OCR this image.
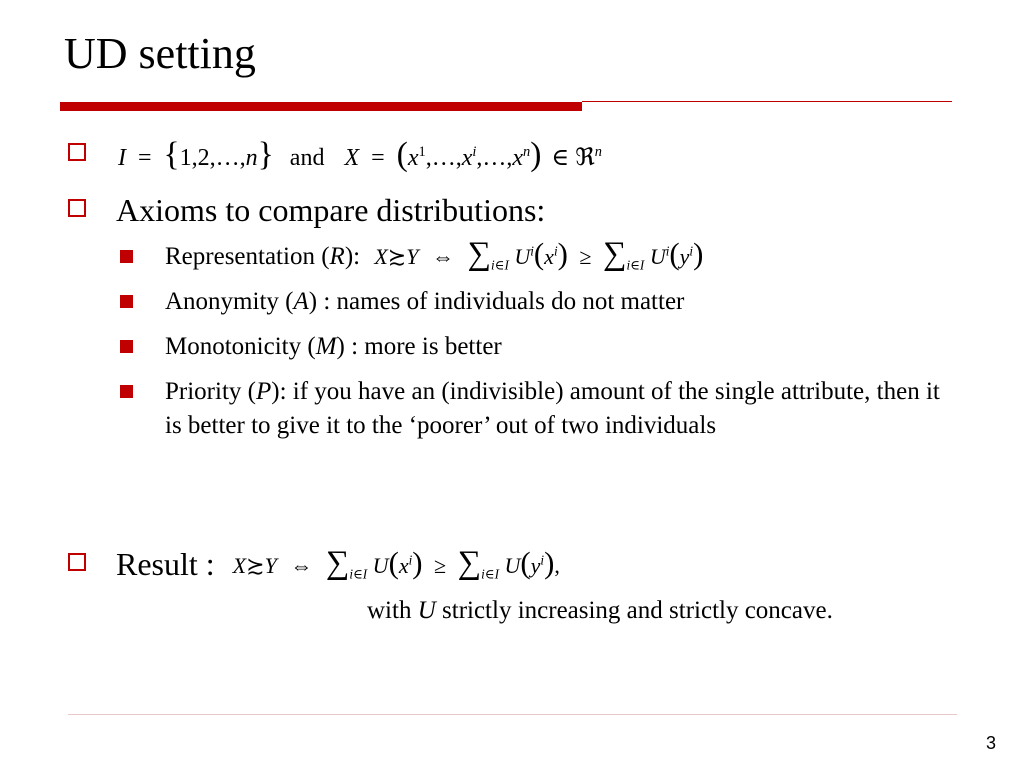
UD setting
I = {1,2,…,n} and $X = (x^1,\dots,x^i,\dots,x^n)$ ∈ ℜ$^n$
Axioms to compare distributions:
Representation (R): X≿Y ⇔ $\sum_{i\in I}$ $U^i(x^i) \ge \sum_{i\in I}$ $U^i(y^i)$
Anonymity (A) : names of individuals do not matter
Monotonicity (M) : more is better
Priority (P): if you have an (indivisible) amount of the single attribute, then it is better to give it to the ‘poorer’ out of two individuals
Result : X≿Y ⇔ $\sum_{i\in I}$ $U(x^i) \ge \sum_{i\in I}$ $U(y^i)$,
with U strictly increasing and strictly concave.
3
